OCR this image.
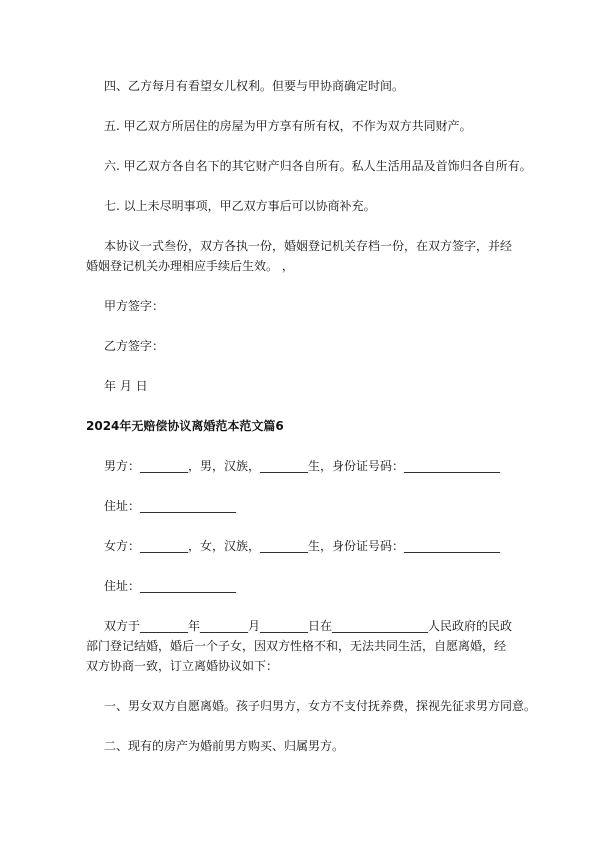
四、乙方每月有看望女儿权利。但要与甲协商确定时间。
五. 甲乙双方所居住的房屋为甲方享有所有权，不作为双方共同财产。
六. 甲乙双方各自名下的其它财产归各自所有。私人生活用品及首饰归各自所有。
七. 以上未尽明事项，甲乙双方事后可以协商补充。
本协议一式叁份，双方各执一份，婚姻登记机关存档一份，在双方签字，并经婚姻登记机关办理相应手续后生效。 ，
甲方签字：
乙方签字：
年 月 日
2024年无赔偿协议离婚范本范文篇6
男方：________，男，汉族，________生，身份证号码：________________
住址：________________
女方：________，女，汉族，________生，身份证号码：________________
住址：________________
双方于________年________月________日在________________人民政府的民政部门登记结婚，婚后一个子女，因双方性格不和，无法共同生活，自愿离婚，经双方协商一致，订立离婚协议如下：
一、男女双方自愿离婚。孩子归男方，女方不支付抚养费，探视先征求男方同意。
二、现有的房产为婚前男方购买、归属男方。
